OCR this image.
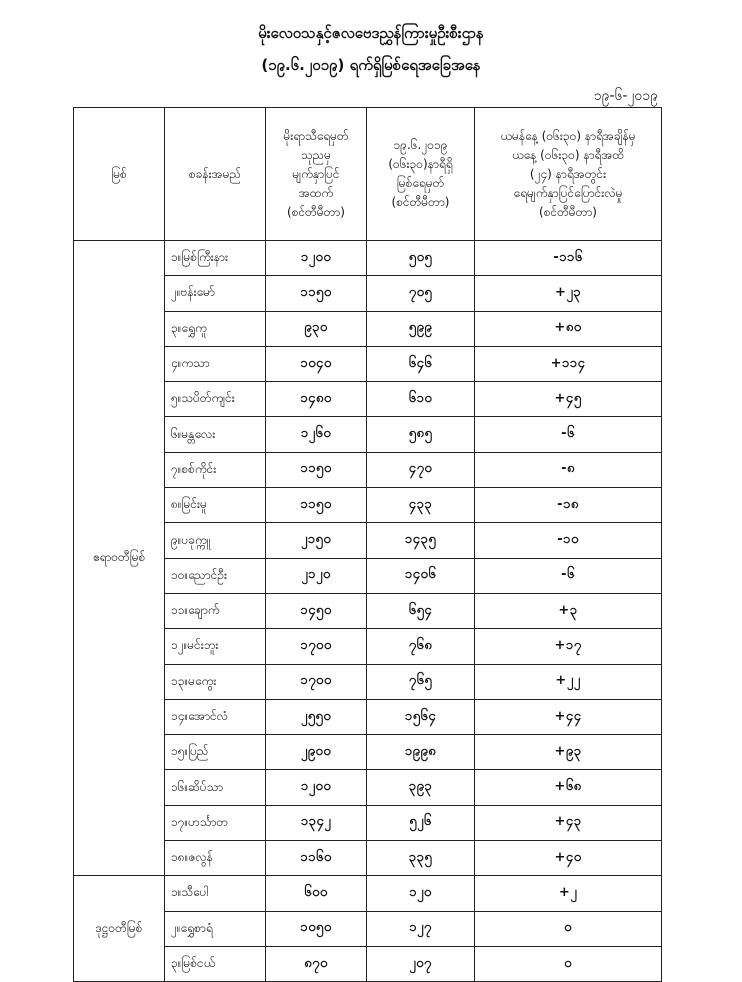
မိုးလေဝသနှင့်ဇလဗေဒညွှန်ကြားမှုဦးစီးဌာန
(၁၉.၆.၂၀၁၉) ရက်ရှိမြစ်ရေအခြေအနေ
၁၉-၆-၂၀၁၉
မြစ်	စခန်းအမည်	မိုးရာသီရေမှတ်
သုညမှ
မျက်နှာပြင်
အထက်
(စင်တီမီတာ)	၁၉.၆.၂၀၁၉
(၀၆း၃၀)နာရီရှိ
မြစ်ရေမှတ်
(စင်တီမီတာ)	ယမန်နေ့ (၀၆း၃၀) နာရီအချိန်မှ
ယနေ့ (၀၆း၃၀) နာရီအထိ
(၂၄) နာရီအတွင်း
ရေမျက်နှာပြင်ပြောင်းလဲမှု
(စင်တီမီတာ)

ဧရာဝတီမြစ်	၁။မြစ်ကြီးနား	၁၂၀၀	၅၀၅	-၁၁၆
	၂။ဗန်းမော်	၁၁၅၀	၇၀၅	+၂၃
	၃။ရွှေကူ	၉၃၀	၅၉၉	+၈၀
	၄။ကသာ	၁၀၄၀	၆၄၆	+၁၁၄
	၅။သပိတ်ကျင်း	၁၄၈၀	၆၁၀	+၄၅
	၆။မန္တလေး	၁၂၆၀	၅၈၅	-၆
	၇။စစ်ကိုင်း	၁၁၅၀	၄၇၀	-၈
	၈။မြင်းမူ	၁၁၅၀	၄၃၃	-၁၈
	၉။ပခုက္ကူ	၂၁၅၀	၁၄၃၅	-၁၀
	၁၀။ညောင်ဦး	၂၁၂၀	၁၄၀၆	-၆
	၁၁။ချောက်	၁၄၅၀	၆၅၄	+၃
	၁၂။မင်းဘူး	၁၇၀၀	၇၆၈	+၁၇
	၁၃။မကွေး	၁၇၀၀	၇၆၅	+၂၂
	၁၄။အောင်လံ	၂၅၅၀	၁၅၆၄	+၄၄
	၁၅။ပြည်	၂၉၀၀	၁၉၉၈	+၉၃
	၁၆။ဆိပ်သာ	၁၂၀၀	၃၉၃	+၆၈
	၁၇။ဟင်္သာတ	၁၃၄၂	၅၂၆	+၄၃
	၁၈။ဇလွန်	၁၁၆၀	၃၃၅	+၄၀
ဒုဋ္ဌဝတီမြစ်	၁။သီပေါ	၆၀၀	၁၂၀	+၂
	၂။ရွှေစာရံ	၁၀၅၀	၁၂၇	၀
	၃။မြစ်ငယ်	၈၇၀	၂၀၇	၀
